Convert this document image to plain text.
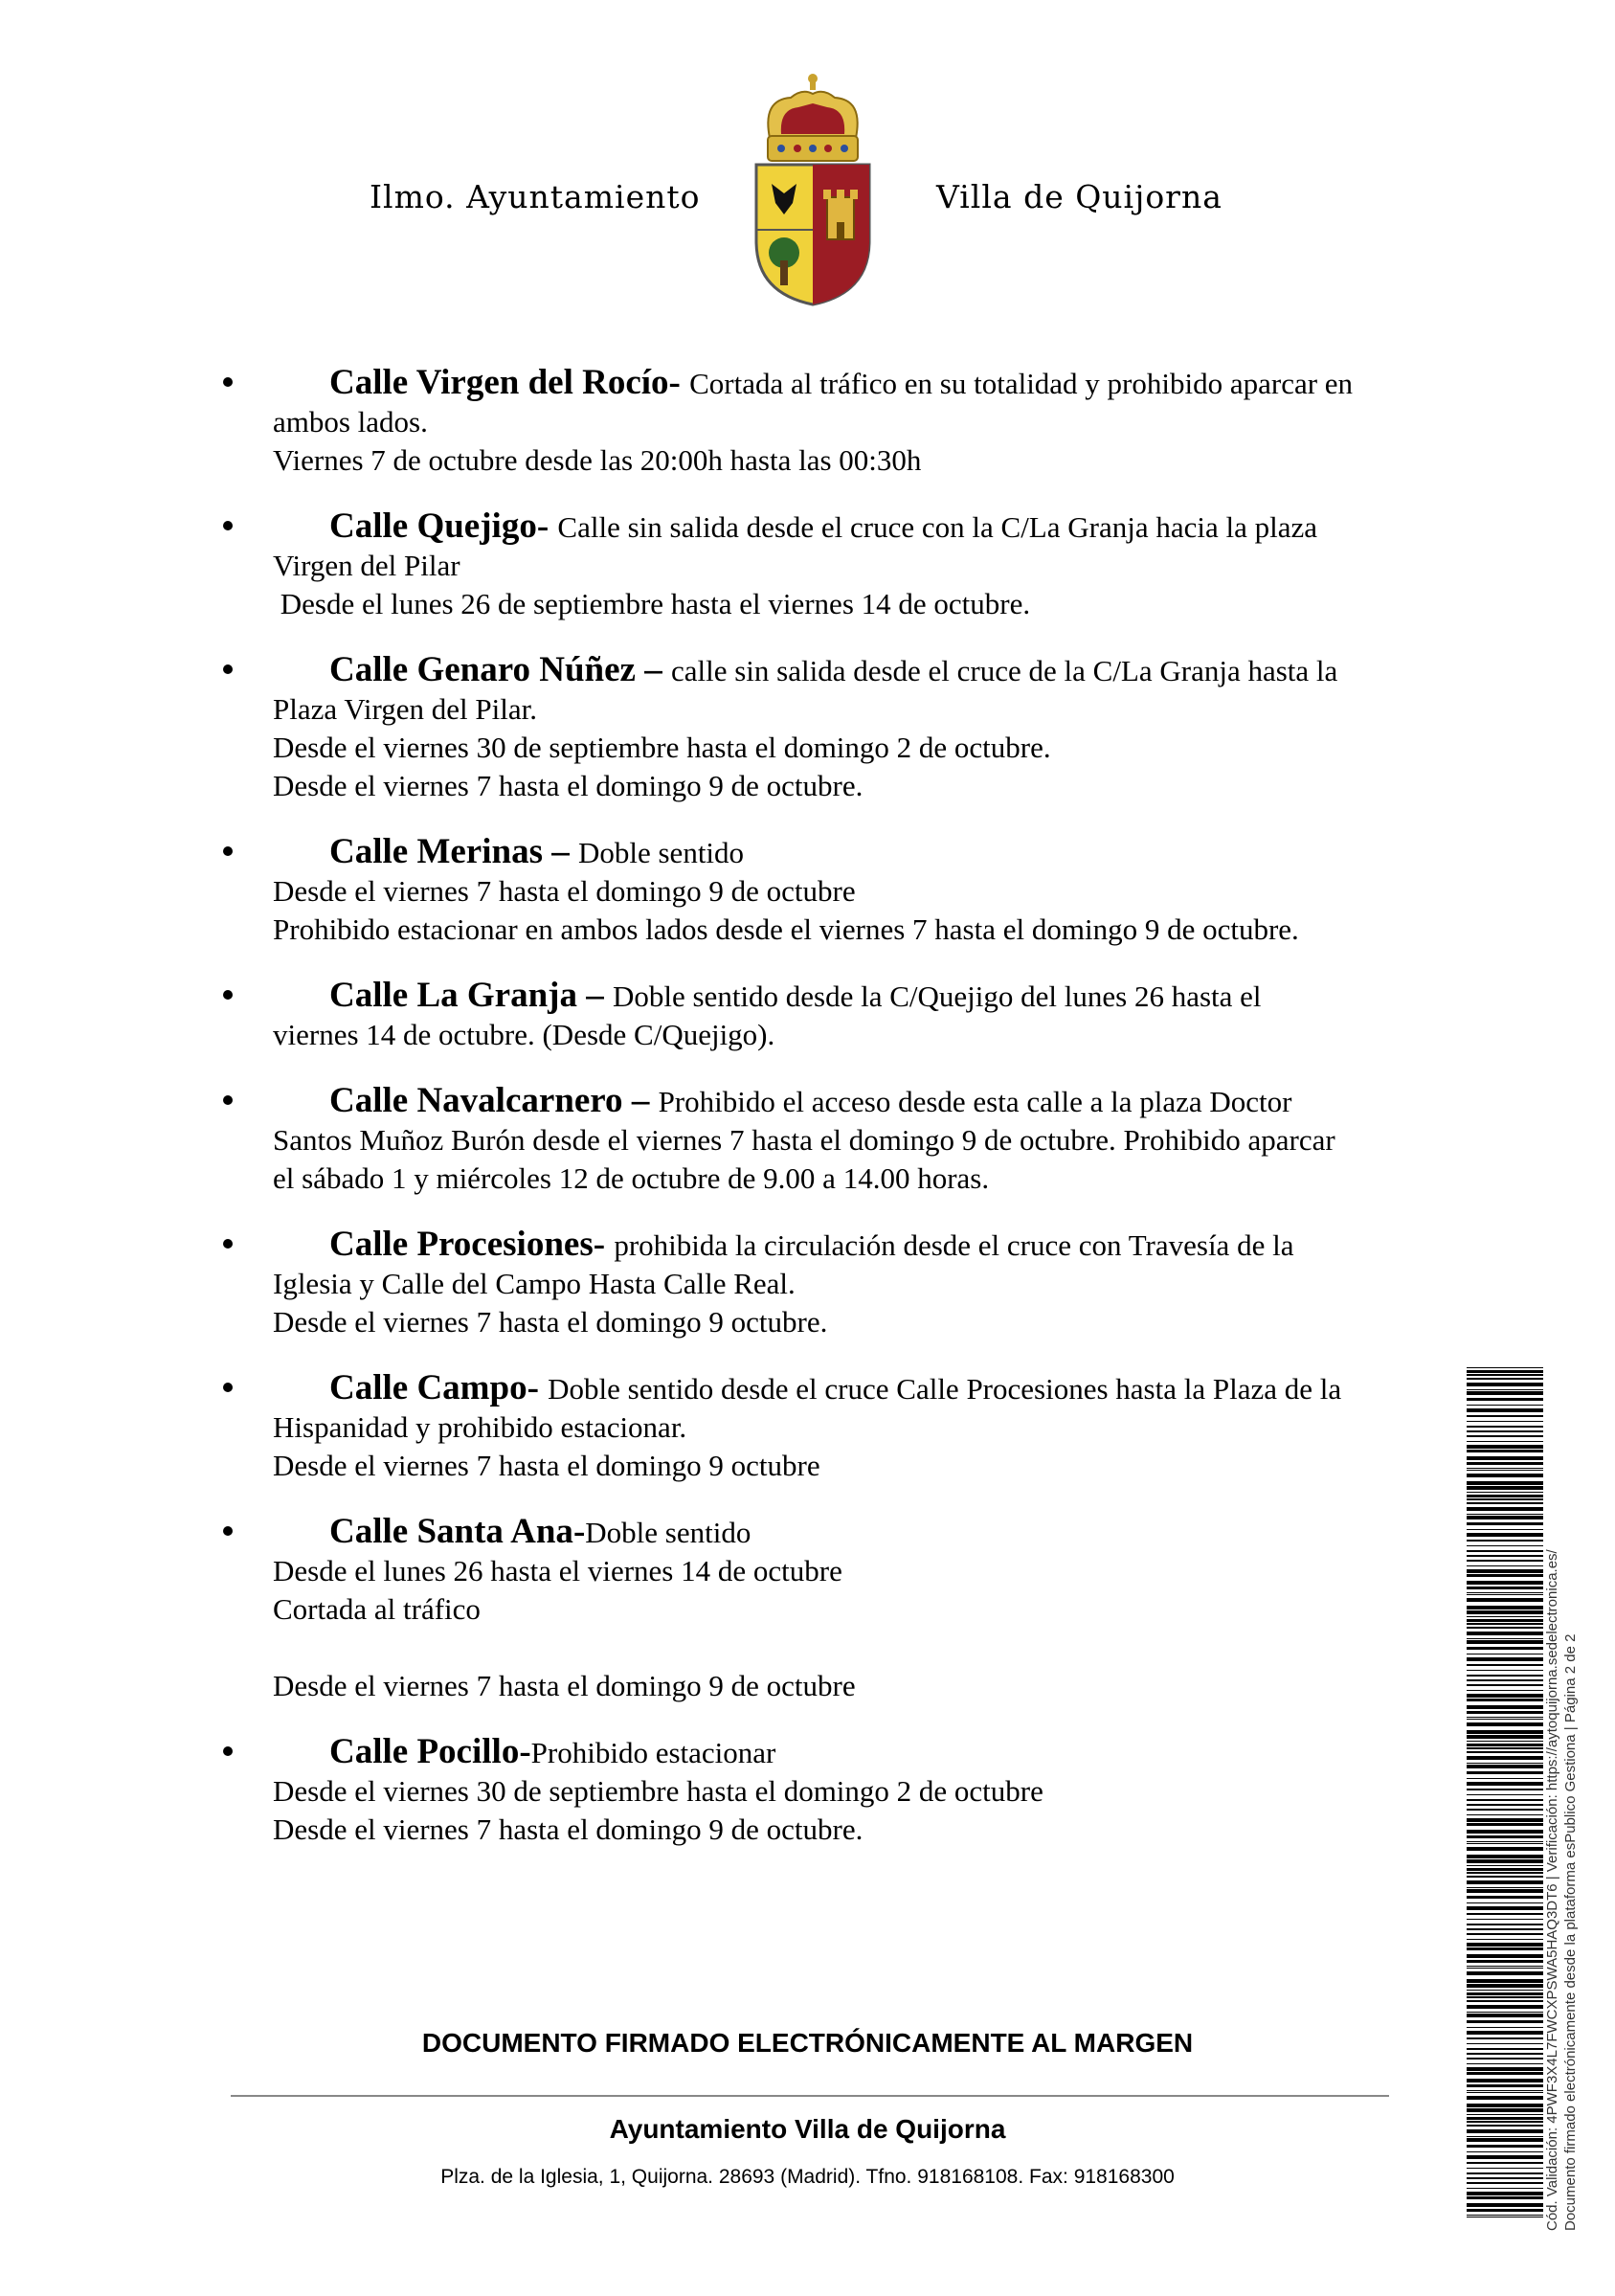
Ilmo. Ayuntamiento	Villa de Quijorna
Calle Virgen del Rocío- Cortada al tráfico en su totalidad y prohibido aparcar en
ambos lados.
Viernes 7 de octubre desde las 20:00h hasta las 00:30h
Calle Quejigo- Calle sin salida desde el cruce con la C/La Granja hacia la plaza
Virgen del Pilar
Desde el lunes 26 de septiembre hasta el viernes 14 de octubre.
Calle Genaro Núñez – calle sin salida desde el cruce de la C/La Granja hasta la
Plaza Virgen del Pilar.
Desde el viernes 30 de septiembre hasta el domingo 2 de octubre.
Desde el viernes 7 hasta el domingo 9 de octubre.
Calle Merinas – Doble sentido
Desde el viernes 7 hasta el domingo 9 de octubre
Prohibido estacionar en ambos lados desde el viernes 7 hasta el domingo 9 de octubre.
Calle La Granja – Doble sentido desde la C/Quejigo del lunes 26 hasta el
viernes 14 de octubre. (Desde C/Quejigo).
Calle Navalcarnero – Prohibido el acceso desde esta calle a la plaza Doctor
Santos Muñoz Burón desde el viernes 7 hasta el domingo 9 de octubre. Prohibido aparcar
el sábado 1 y miércoles 12 de octubre de 9.00 a 14.00 horas.
Calle Procesiones- prohibida la circulación desde el cruce con Travesía de la
Iglesia y Calle del Campo Hasta Calle Real.
Desde el viernes 7 hasta el domingo 9 octubre.
Calle Campo- Doble sentido desde el cruce Calle Procesiones hasta la Plaza de la
Hispanidad y prohibido estacionar.
Desde el viernes 7 hasta el domingo 9 octubre
Calle Santa Ana-Doble sentido
Desde el lunes 26 hasta el viernes 14 de octubre
Cortada al tráfico
Desde el viernes 7 hasta el domingo 9 de octubre
Calle Pocillo-Prohibido estacionar
Desde el viernes 30 de septiembre hasta el domingo 2 de octubre
Desde el viernes 7 hasta el domingo 9 de octubre.
DOCUMENTO FIRMADO ELECTRÓNICAMENTE AL MARGEN
Ayuntamiento Villa de Quijorna
Plza. de la Iglesia, 1, Quijorna. 28693 (Madrid). Tfno. 918168108. Fax: 918168300	Cód. Validación: 4PWF3X4L7FWCXPSWA5HAQ3DT6 | Verificación: https://aytoquijorna.sedelectronica.es/ Documento firmado electrónicamente desde la plataforma esPublico Gestiona | Página 2 de 2
